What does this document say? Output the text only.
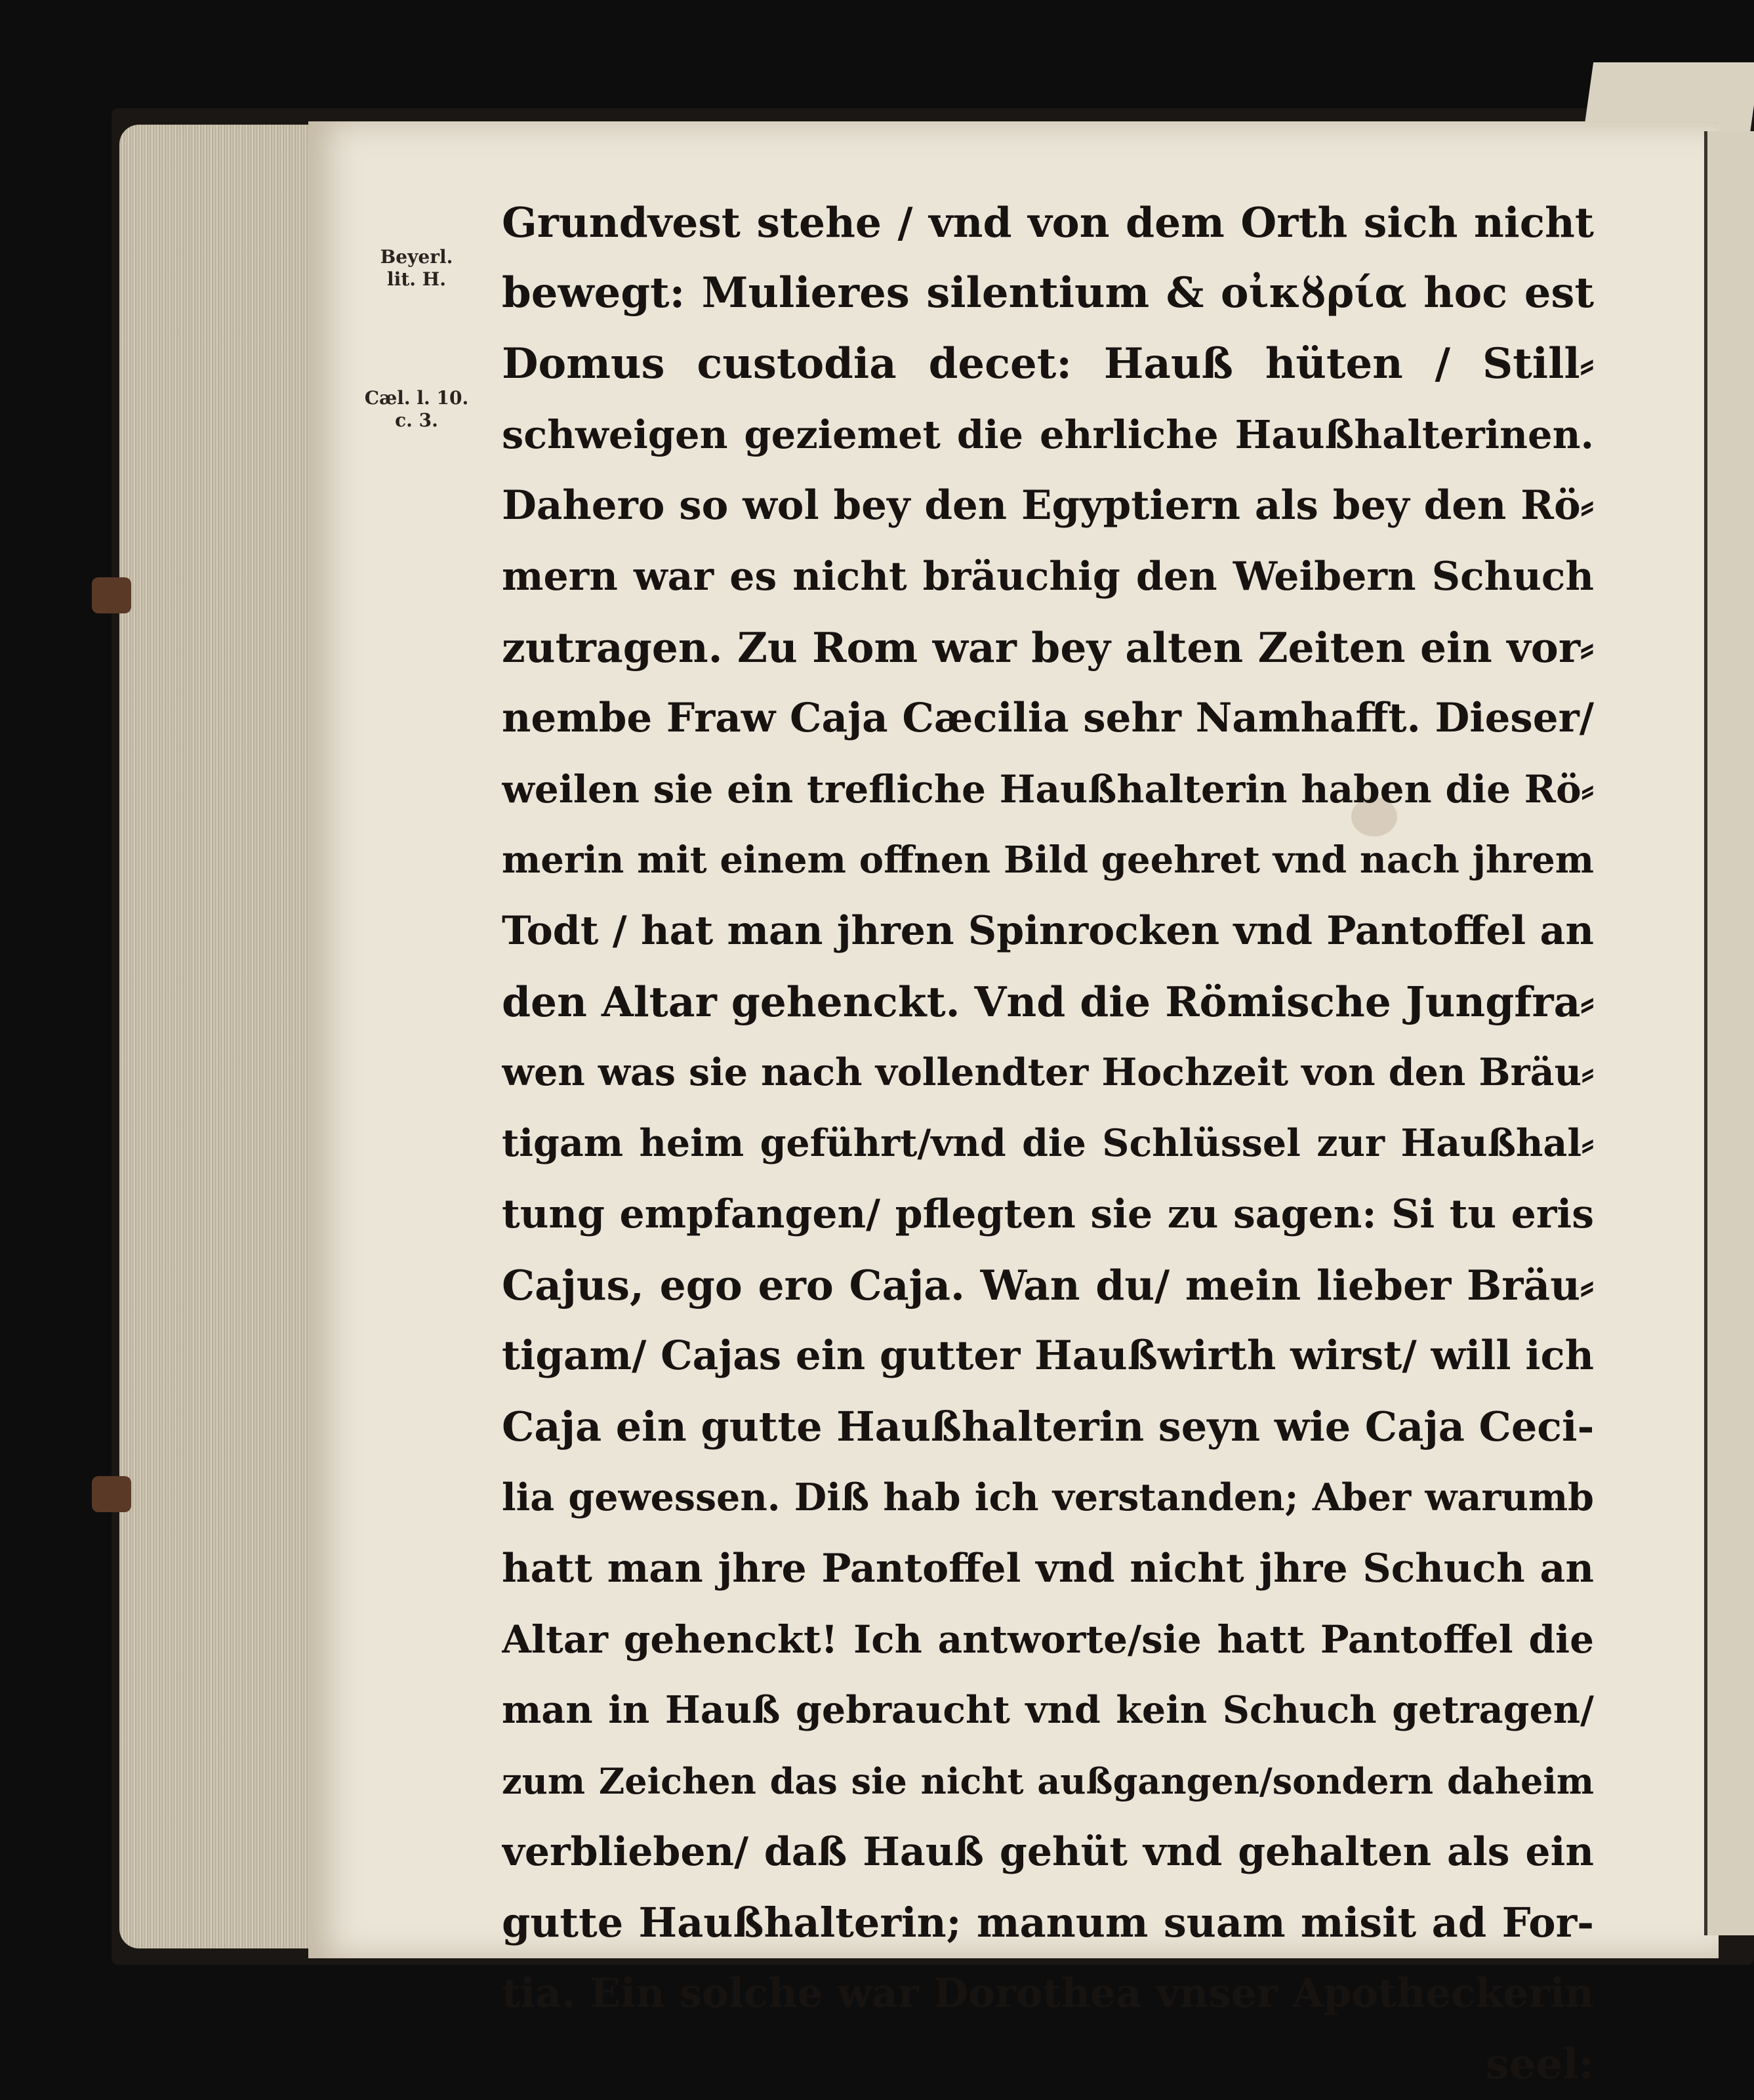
Beyerl.
lit. H.
Cæl. l. 10.
c. 3.
Grundvest stehe / vnd von dem Orth sich nicht
bewegt: Mulieres silentium & οἰκȣρία hoc est
Domus custodia decet: Hauß hüten / Still⸗
schweigen geziemet die ehrliche Haußhalterinen.
Dahero so wol bey den Egyptiern als bey den Rö⸗
mern war es nicht bräuchig den Weibern Schuch
zutragen. Zu Rom war bey alten Zeiten ein vor⸗
nembe Fraw Caja Cæcilia sehr Namhafft. Dieser/
weilen sie ein trefliche Haußhalterin haben die Rö⸗
merin mit einem offnen Bild geehret vnd nach jhrem
Todt / hat man jhren Spinrocken vnd Pantoffel an
den Altar gehenckt. Vnd die Römische Jungfra⸗
wen was sie nach vollendter Hochzeit von den Bräu⸗
tigam heim geführt/vnd die Schlüssel zur Haußhal⸗
tung empfangen/ pflegten sie zu sagen: Si tu eris
Cajus, ego ero Caja. Wan du/ mein lieber Bräu⸗
tigam/ Cajas ein gutter Haußwirth wirst/ will ich
Caja ein gutte Haußhalterin seyn wie Caja Ceci-
lia gewessen. Diß hab ich verstanden; Aber warumb
hatt man jhre Pantoffel vnd nicht jhre Schuch an
Altar gehenckt! Ich antworte/sie hatt Pantoffel die
man in Hauß gebraucht vnd kein Schuch getragen/
zum Zeichen das sie nicht außgangen/sondern daheim
verblieben/ daß Hauß gehüt vnd gehalten als ein
gutte Haußhalterin; manum suam misit ad For-
tia. Ein solche war Dorothea vnser Apotheckerin
seel:
